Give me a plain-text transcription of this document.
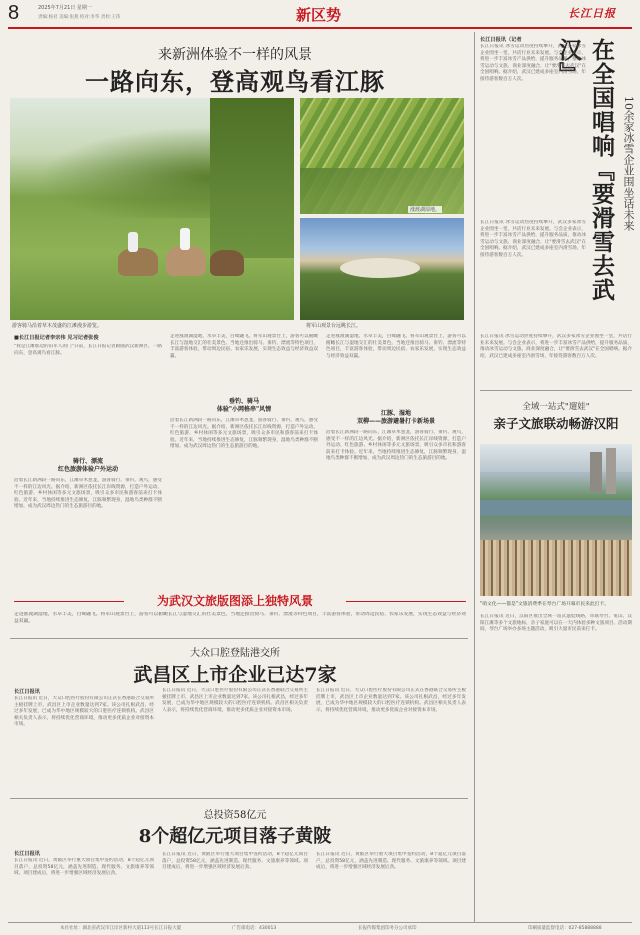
8	2025年7月21日 星期一
责编:杨君 美编:张燕 校对:李华 责检:王伟	新区势	长江日报
来新洲体验不一样的风景
一路向东，登高观鸟看江豚
游客骑马沿着草木茂盛的江滩漫步游览。
涨渡湖湿地。
将军山观景台远眺长江。
■长江日报记者李宗伟 见习记者张俊
"我是江滩那边的旧军人的门"日前，长江日报记者跟随武汉新洲区，一路向东，登高观鸟看江豚。
骑行、漂流
红色旅游体验户外运动
沿着长江新洲段一路向东，江滩草木葱茏，游客骑行、垂钓、观鸟，感受不一样的江边风光。据介绍，新洲区依托长江岸线资源，打造户外运动、红色旅游、乡村休闲等多元文旅场景，吸引众多市民和游客前来打卡体验。近年来，当地持续推进生态修复，江豚频繁现身，湿地鸟类种群不断增加，成为武汉周边热门的生态旅游目的地。
走进涨渡湖湿地，水草丰美，白鹭翩飞。将军山观景台上，游客可以俯瞰长江与湿地交汇的壮美景色。当地还推出骑马、垂钓、漂流等特色项目，丰富游客体验，带动周边民宿、农家乐发展，实现生态效益与经济效益双赢。
垂钓、骑马
体验"小网格串"风情
沿着长江新洲段一路向东，江滩草木葱茏，游客骑行、垂钓、观鸟，感受不一样的江边风光。据介绍，新洲区依托长江岸线资源，打造户外运动、红色旅游、乡村休闲等多元文旅场景，吸引众多市民和游客前来打卡体验。近年来，当地持续推进生态修复，江豚频繁现身，湿地鸟类种群不断增加，成为武汉周边热门的生态旅游目的地。
走进涨渡湖湿地，水草丰美，白鹭翩飞。将军山观景台上，游客可以俯瞰长江与湿地交汇的壮美景色。当地还推出骑马、垂钓、漂流等特色项目，丰富游客体验，带动周边民宿、农家乐发展，实现生态效益与经济效益双赢。
江豚、湿地
双柳——旅游避暑打卡新场景
沿着长江新洲段一路向东，江滩草木葱茏，游客骑行、垂钓、观鸟，感受不一样的江边风光。据介绍，新洲区依托长江岸线资源，打造户外运动、红色旅游、乡村休闲等多元文旅场景，吸引众多市民和游客前来打卡体验。近年来，当地持续推进生态修复，江豚频繁现身，湿地鸟类种群不断增加，成为武汉周边热门的生态旅游目的地。
为武汉文旅版图添上独特风景
走进涨渡湖湿地，水草丰美，白鹭翩飞。将军山观景台上，游客可以俯瞰长江与湿地交汇的壮美景色。当地还推出骑马、垂钓、漂流等特色项目，丰富游客体验，带动周边民宿、农家乐发展，实现生态效益与经济效益双赢。
大众口腔登陆港交所
武昌区上市企业已达7家
长江日报讯
长江日报讯 近日，大众口腔医疗股份有限公司正式在香港联合交易所主板挂牌上市，武昌区上市企业数量达到7家。该公司扎根武昌，经过多年发展，已成为华中地区规模较大的口腔医疗连锁机构。武昌区相关负责人表示，将持续优化营商环境，推动更多优质企业对接资本市场。
长江日报讯 近日，大众口腔医疗股份有限公司正式在香港联合交易所主板挂牌上市，武昌区上市企业数量达到7家。该公司扎根武昌，经过多年发展，已成为华中地区规模较大的口腔医疗连锁机构。武昌区相关负责人表示，将持续优化营商环境，推动更多优质企业对接资本市场。
长江日报讯 近日，大众口腔医疗股份有限公司正式在香港联合交易所主板挂牌上市，武昌区上市企业数量达到7家。该公司扎根武昌，经过多年发展，已成为华中地区规模较大的口腔医疗连锁机构。武昌区相关负责人表示，将持续优化营商环境，推动更多优质企业对接资本市场。
总投资58亿元
8个超亿元项目落子黄陂
长江日报讯
长江日报讯 近日，黄陂区举行重大项目集中签约活动，8个超亿元项目落户，总投资58亿元，涵盖先进制造、现代服务、文旅康养等领域。项目建成后，将进一步增强区域经济发展后劲。
长江日报讯 近日，黄陂区举行重大项目集中签约活动，8个超亿元项目落户，总投资58亿元，涵盖先进制造、现代服务、文旅康养等领域。项目建成后，将进一步增强区域经济发展后劲。
长江日报讯 近日，黄陂区举行重大项目集中签约活动，8个超亿元项目落户，总投资58亿元，涵盖先进制造、现代服务、文旅康养等领域。项目建成后，将进一步增强区域经济发展后劲。
在全国唱响『要滑雪去武汉』
10余家冰雪企业围坐话未来
长江日报讯（记者
长江日报讯 冰雪运动热度持续攀升，武汉多家冰雪企业围坐一堂，共话行业未来发展。与会企业表示，将进一步丰富冰雪产品供给，提升服务品质，推动冰雪运动与文旅、商业深度融合，让"要滑雪去武汉"在全国唱响。据介绍，武汉已建成多座室内滑雪场，年接待游客数百万人次。
长江日报讯 冰雪运动热度持续攀升，武汉多家冰雪企业围坐一堂，共话行业未来发展。与会企业表示，将进一步丰富冰雪产品供给，提升服务品质，推动冰雪运动与文旅、商业深度融合，让"要滑雪去武汉"在全国唱响。据介绍，武汉已建成多座室内滑雪场，年接待游客数百万人次。
长江日报讯 冰雪运动热度持续攀升，武汉多家冰雪企业围坐一堂，共话行业未来发展。与会企业表示，将进一步丰富冰雪产品供给，提升服务品质，推动冰雪运动与文旅、商业深度融合，让"要滑雪去武汉"在全国唱响。据介绍，武汉已建成多座室内滑雪场，年接待游客数百万人次。
全域一站式"遛娃"
亲子文旅联动畅游汉阳
"萌文化——都是"文旅消费季在琴台广场开幕市民来此打卡。
长江日报讯 近日，汉阳区推出全域一站式遛娃线路，串联琴台、龟山、汉阳江滩等多个文旅地标，亲子家庭可以在一天内体验多种文旅项目。活动期间，琴台广场举办多场主题活动，吸引大量市民前来打卡。
本社社址：湖北省武汉市江岸区新村大道113号长江日报大厦	广告部电话：430013	长报传媒集团印务分公司承印	印刷质量监督电话：027-85888888
